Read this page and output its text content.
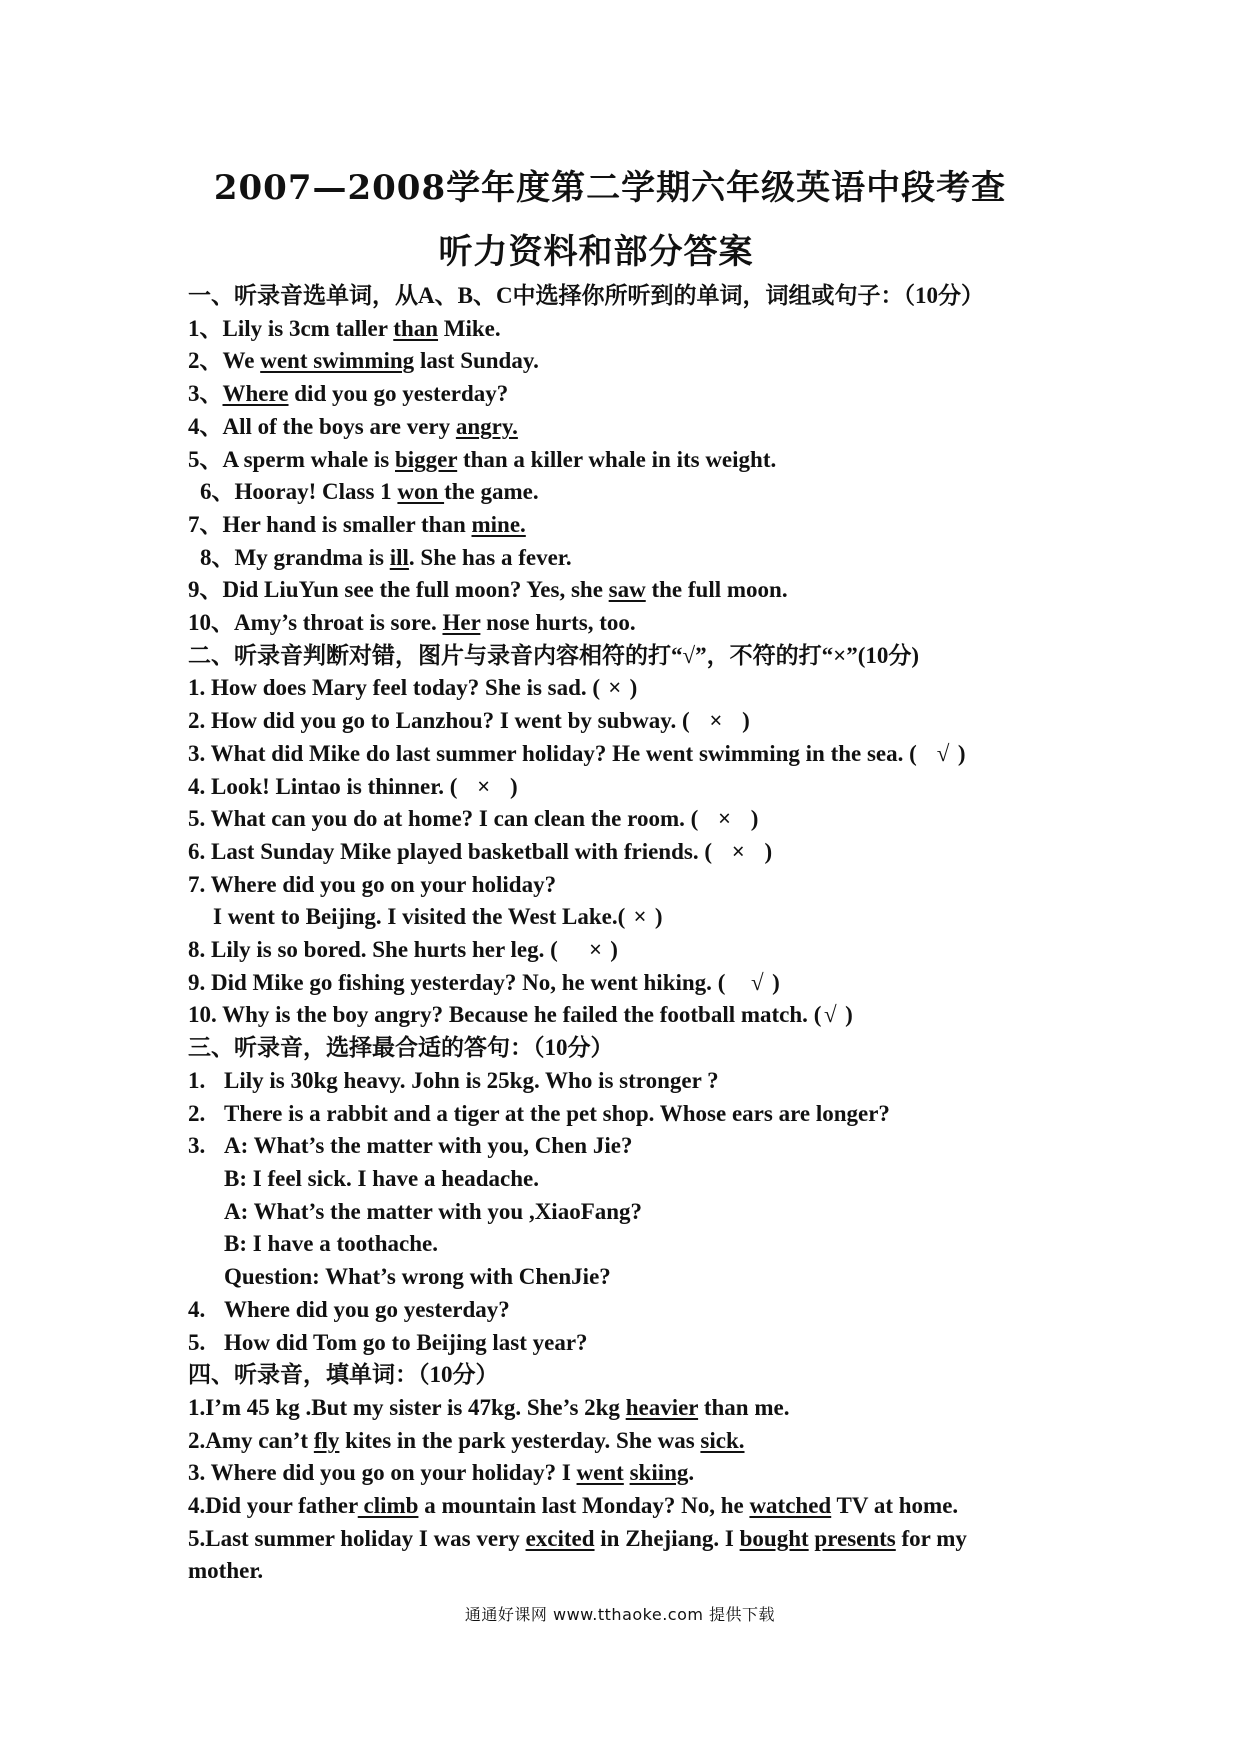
2007—2008学年度第二学期六年级英语中段考查
听力资料和部分答案
一、听录音选单词，从A、B、C中选择你所听到的单词，词组或句子：（10分）
1、Lily is 3cm taller than Mike.
2、We went swimming last Sunday.
3、Where did you go yesterday?
4、All of the boys are very angry.
5、A sperm whale is bigger than a killer whale in its weight.
6、Hooray! Class 1 won the game.
7、Her hand is smaller than mine.
8、My grandma is ill. She has a fever.
9、Did LiuYun see the full moon? Yes, she saw the full moon.
10、Amy’s throat is sore. Her nose hurts, too.
二、听录音判断对错，图片与录音内容相符的打“√”，不符的打“×”(10分)
1. How does Mary feel today? She is sad. ( × )
2. How did you go to Lanzhou? I went by subway. (   ×   )
3. What did Mike do last summer holiday? He went swimming in the sea. (   √ )
4. Look! Lintao is thinner. (   ×   )
5. What can you do at home? I can clean the room. (   ×   )
6. Last Sunday Mike played basketball with friends. (   ×   )
7. Where did you go on your holiday?
I went to Beijing. I visited the West Lake.( × )
8. Lily is so bored. She hurts her leg. (     × )
9. Did Mike go fishing yesterday? No, he went hiking. (    √ )
10. Why is the boy angry? Because he failed the football match. ( √ )
三、听录音，选择最合适的答句：（10分）
1. Lily is 30kg heavy. John is 25kg. Who is stronger ?
2. There is a rabbit and a tiger at the pet shop. Whose ears are longer?
3. A: What’s the matter with you, Chen Jie?
B: I feel sick. I have a headache.
A: What’s the matter with you ,XiaoFang?
B: I have a toothache.
Question: What’s wrong with ChenJie?
4. Where did you go yesterday?
5. How did Tom go to Beijing last year?
四、听录音，填单词：（10分）
1.I’m 45 kg .But my sister is 47kg. She’s 2kg heavier than me.
2.Amy can’t fly kites in the park yesterday. She was sick.
3. Where did you go on your holiday? I went skiing.
4.Did your father climb a mountain last Monday? No, he watched TV at home.
5.Last summer holiday I was very excited in Zhejiang. I bought presents for my
mother.
通通好课网 www.tthaoke.com 提供下载
